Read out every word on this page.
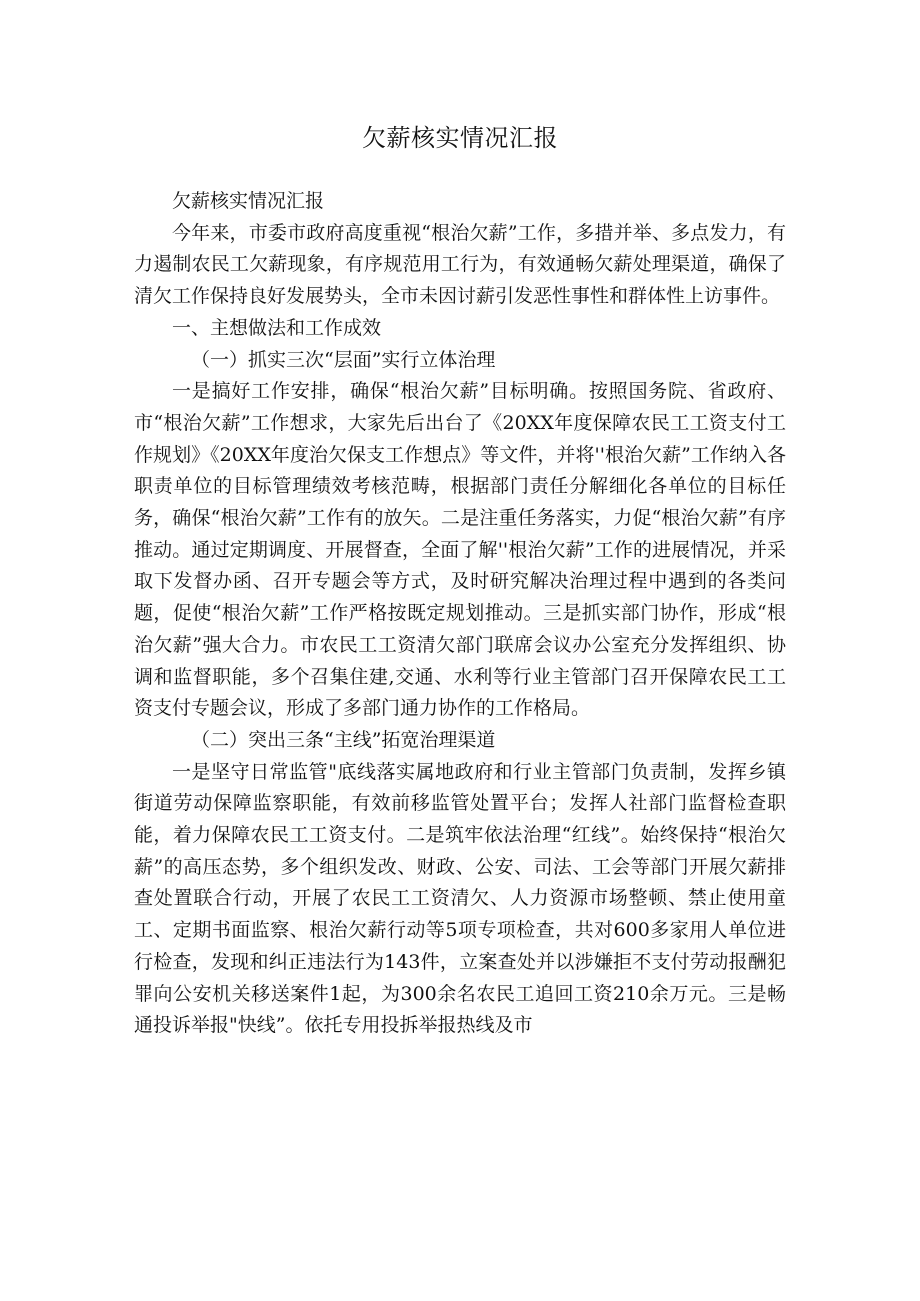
欠薪核实情况汇报

欠薪核实情况汇报

今年来，市委市政府高度重视“根治欠薪”工作，多措并举、多点发力，有力遏制农民工欠薪现象，有序规范用工行为，有效通畅欠薪处理渠道，确保了清欠工作保持良好发展势头，全市未因讨薪引发恶性事性和群体性上访事件。

一、主想做法和工作成效

（一）抓实三次“层面”实行立体治理

一是搞好工作安排，确保“根治欠薪”目标明确。按照国务院、省政府、市“根治欠薪”工作想求，大家先后出台了《20XX年度保障农民工工资支付工作规划》《20XX年度治欠保支工作想点》等文件，并将''根治欠薪”工作纳入各职责单位的目标管理绩效考核范畴，根据部门责任分解细化各单位的目标任务，确保“根治欠薪”工作有的放矢。二是注重任务落实，力促“根治欠薪”有序推动。通过定期调度、开展督查，全面了解''根治欠薪”工作的进展情况，并采取下发督办函、召开专题会等方式，及时研究解决治理过程中遇到的各类问题，促使“根治欠薪”工作严格按既定规划推动。三是抓实部门协作，形成“根治欠薪”强大合力。市农民工工资清欠部门联席会议办公室充分发挥组织、协调和监督职能，多个召集住建,交通、水利等行业主管部门召开保障农民工工资支付专题会议，形成了多部门通力协作的工作格局。

（二）突出三条“主线”拓宽治理渠道

一是坚守日常监管"底线落实属地政府和行业主管部门负责制，发挥乡镇街道劳动保障监察职能，有效前移监管处置平台；发挥人社部门监督检查职能，着力保障农民工工资支付。二是筑牢依法治理“红线”。始终保持“根治欠薪”的高压态势，多个组织发改、财政、公安、司法、工会等部门开展欠薪排查处置联合行动，开展了农民工工资清欠、人力资源市场整顿、禁止使用童工、定期书面监察、根治欠薪行动等5项专项检查，共对600多家用人单位进行检查，发现和纠正违法行为143件，立案查处并以涉嫌拒不支付劳动报酬犯罪向公安机关移送案件1起，为300余名农民工追回工资210余万元。三是畅通投诉举报"快线”。依托专用投拆举报热线及市
